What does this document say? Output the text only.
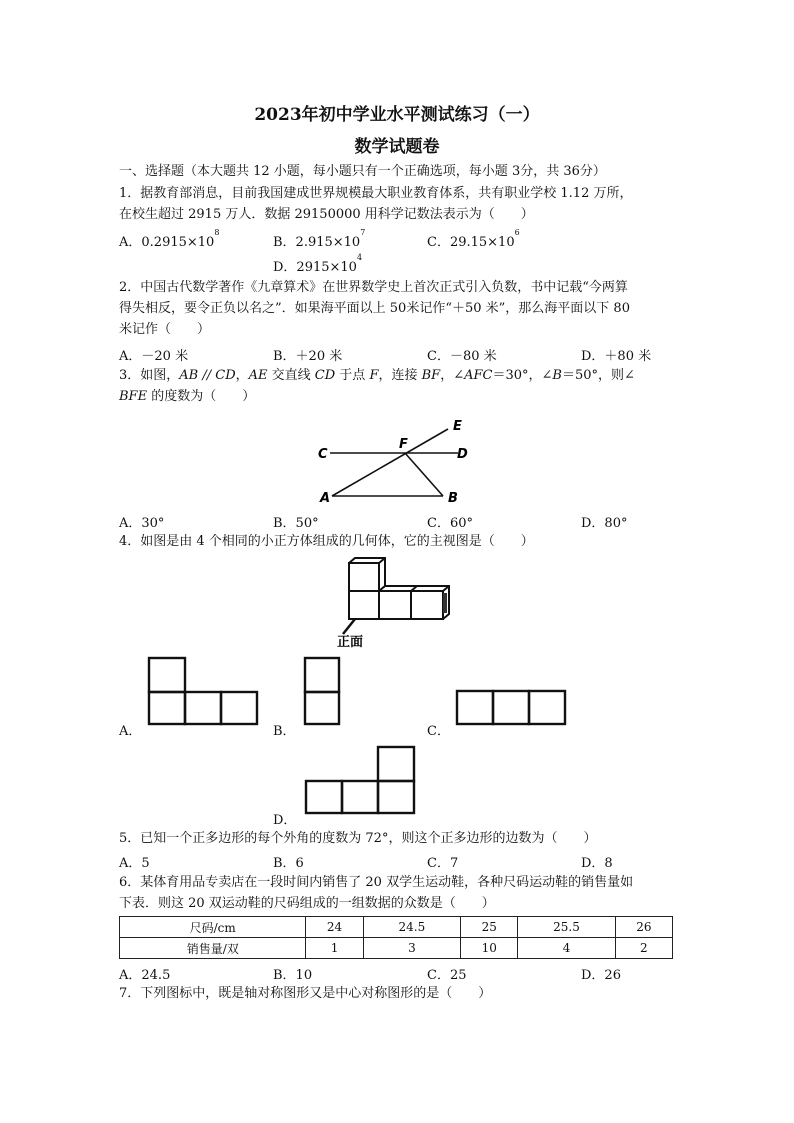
2023年初中学业水平测试练习（一）
数学试题卷
一、选择题（本大题共 12 小题，每小题只有一个正确选项，每小题 3分，共 36分）
1．据教育部消息，目前我国建成世界规模最大职业教育体系，共有职业学校 1.12 万所，
在校生超过 2915 万人．数据 29150000 用科学记数法表示为（　　）
A．$0.2915\times 10^8$
B．$2.915\times 10^7$
C．$29.15\times 10^6$
D．$2915\times 10^4$
2．中国古代数学著作《九章算术》在世界数学史上首次正式引入负数，书中记载“今两算
得失相反，要令正负以名之”．如果海平面以上 50米记作“＋50 米”，那么海平面以下 80
米记作（　　）
A．－20 米	B．＋20 米	C．－80 米	D．＋80 米
3．如图，AB // CD，AE 交直线 CD 于点 F，连接 BF，∠AFC＝30°，∠B＝50°，则∠
BFE 的度数为（　　）
C
F
E
D
A	B
A．30°	B．50°	C．60°	D．80°
4．如图是由 4 个相同的小正方体组成的几何体，它的主视图是（　　）
正面
A．	B．	C．
D．
5．已知一个正多边形的每个外角的度数为 72°，则这个正多边形的边数为（　　）
A．5	B．6	C．7	D．8
6．某体育用品专卖店在一段时间内销售了 20 双学生运动鞋，各种尺码运动鞋的销售量如
下表．则这 20 双运动鞋的尺码组成的一组数据的众数是（　　）
尺码/cm	24	24.5	25	25.5	26
销售量/双	1	3	10	4	2
A．24.5	B．10	C．25	D．26
7．下列图标中，既是轴对称图形又是中心对称图形的是（　　）
